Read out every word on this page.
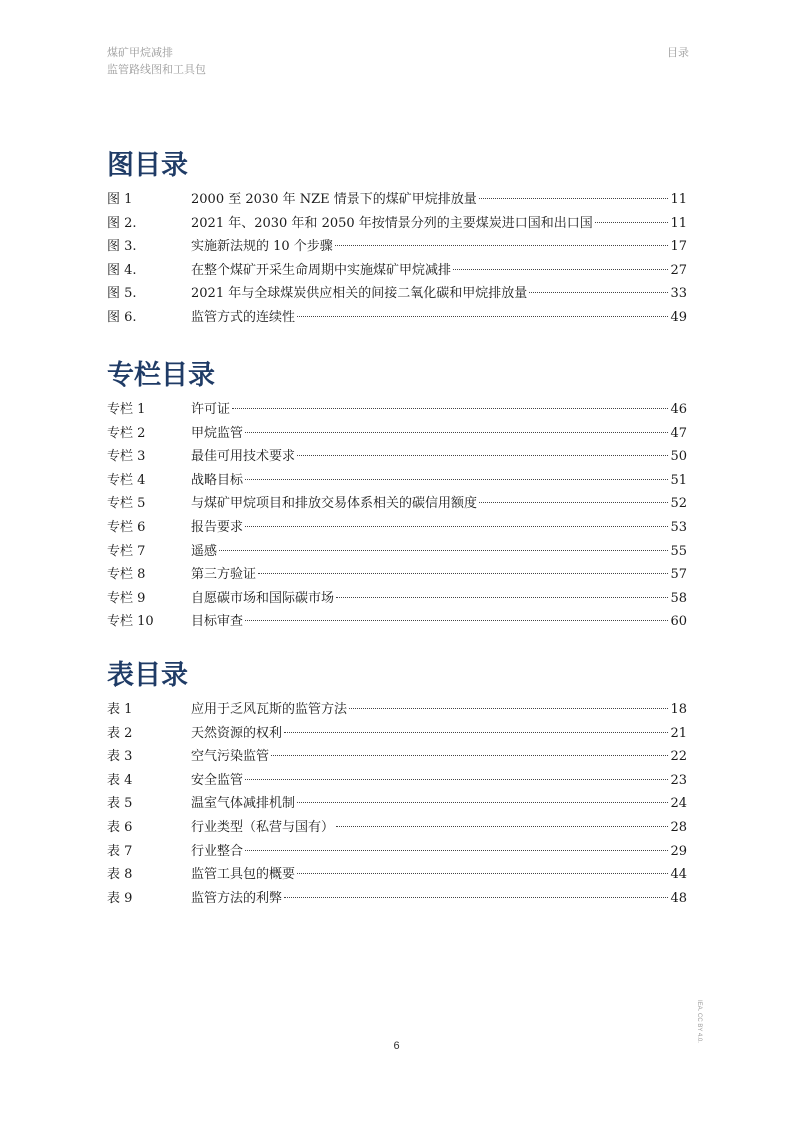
煤矿甲烷减排
监管路线图和工具包
目录
图目录
图 1	2000 至 2030 年 NZE 情景下的煤矿甲烷排放量	11
图 2.	2021 年、2030 年和 2050 年按情景分列的主要煤炭进口国和出口国	11
图 3.	实施新法规的 10 个步骤	17
图 4.	在整个煤矿开采生命周期中实施煤矿甲烷减排	27
图 5.	2021 年与全球煤炭供应相关的间接二氧化碳和甲烷排放量	33
图 6.	监管方式的连续性	49
专栏目录
专栏 1	许可证	46
专栏 2	甲烷监管	47
专栏 3	最佳可用技术要求	50
专栏 4	战略目标	51
专栏 5	与煤矿甲烷项目和排放交易体系相关的碳信用额度	52
专栏 6	报告要求	53
专栏 7	遥感	55
专栏 8	第三方验证	57
专栏 9	自愿碳市场和国际碳市场	58
专栏 10	目标审查	60
表目录
表 1	应用于乏风瓦斯的监管方法	18
表 2	天然资源的权利	21
表 3	空气污染监管	22
表 4	安全监管	23
表 5	温室气体减排机制	24
表 6	行业类型（私营与国有）	28
表 7	行业整合	29
表 8	监管工具包的概要	44
表 9	监管方法的利弊	48
6
IEA. CC BY 4.0.
